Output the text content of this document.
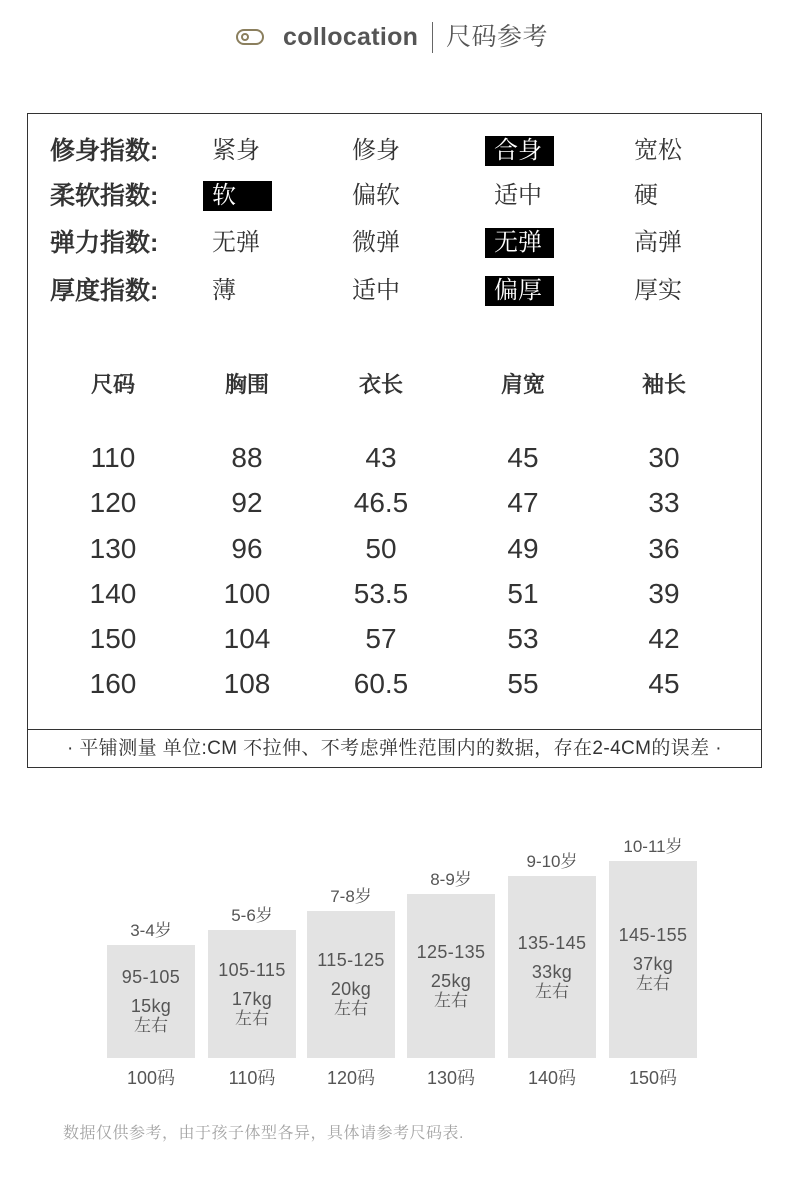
collocation 尺码参考
修身指数:	紧身	修身	合身	宽松
柔软指数:	软	偏软	适中	硬
弹力指数:	无弹	微弹	无弹	高弹
厚度指数:	薄	适中	偏厚	厚实
尺码	胸围	衣长	肩宽	袖长
110	88	43	45	30
120	92	46.5	47	33
130	96	50	49	36
140	100	53.5	51	39
150	104	57	53	42
160	108	60.5	55	45
· 平铺测量 单位:CM 不拉伸、不考虑弹性范围内的数据，存在2-4CM的误差 ·
3-4岁
95-105
15kg
左右
100码
5-6岁
105-115
17kg
左右
110码
7-8岁
115-125
20kg
左右
120码
8-9岁
125-135
25kg
左右
130码
9-10岁
135-145
33kg
左右
140码
10-11岁
145-155
37kg
左右
150码
数据仅供参考，由于孩子体型各异，具体请参考尺码表.
